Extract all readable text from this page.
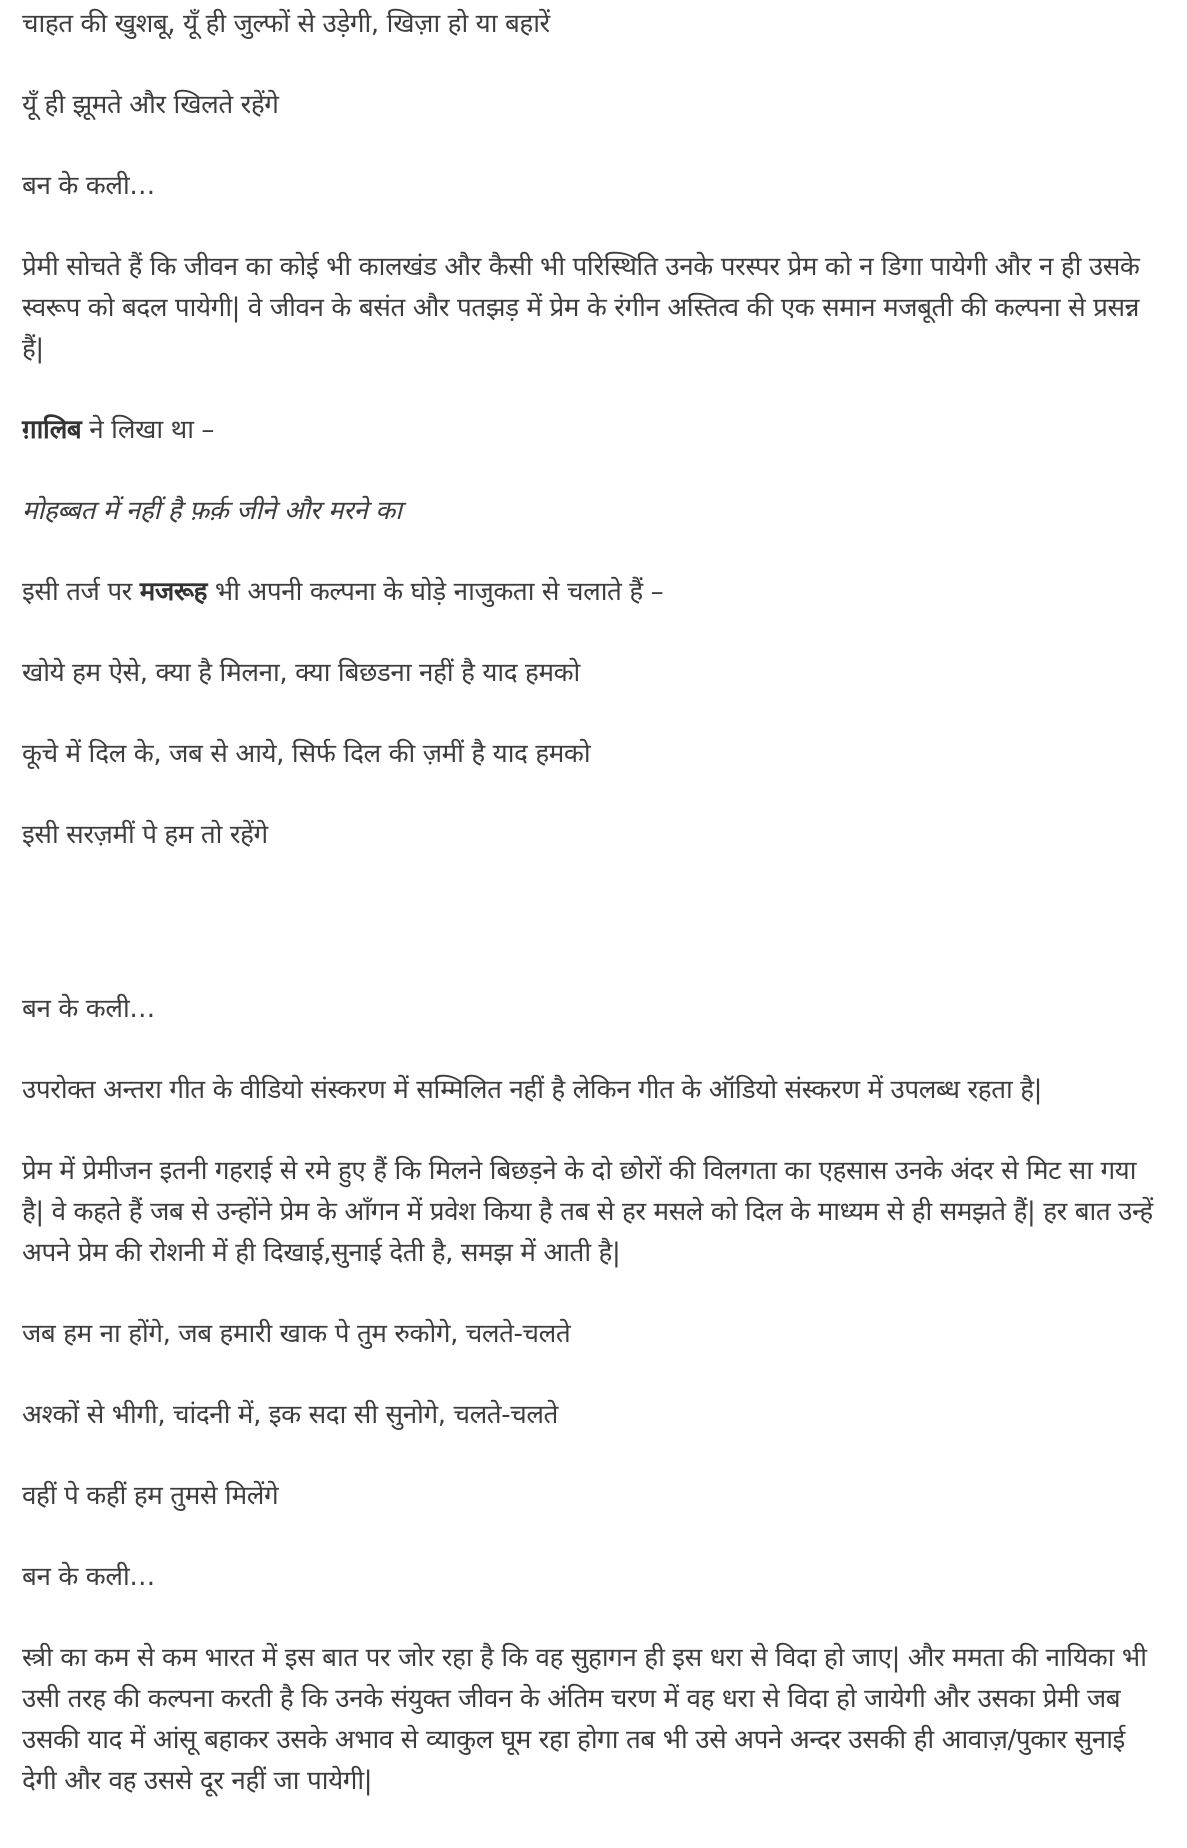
चाहत की खुशबू, यूँ ही जुल्फों से उड़ेगी, खिज़ा हो या बहारें

यूँ ही झूमते और खिलते रहेंगे

बन के कली…

प्रेमी सोचते हैं कि जीवन का कोई भी कालखंड और कैसी भी परिस्थिति उनके परस्पर प्रेम को न डिगा पायेगी और न ही उसके स्वरूप को बदल पायेगी| वे जीवन के बसंत और पतझड़ में प्रेम के रंगीन अस्तित्व की एक समान मजबूती की कल्पना से प्रसन्न हैं|

ग़ालिब ने लिखा था –

मोहब्बत में नहीं है फ़र्क़ जीने और मरने का

इसी तर्ज पर मजरूह भी अपनी कल्पना के घोड़े नाजुकता से चलाते हैं –

खोये हम ऐसे, क्या है मिलना, क्या बिछडना नहीं है याद हमको

कूचे में दिल के, जब से आये, सिर्फ दिल की ज़मीं है याद हमको

इसी सरज़मीं पे हम तो रहेंगे

बन के कली…

उपरोक्त अन्तरा गीत के वीडियो संस्करण में सम्मिलित नहीं है लेकिन गीत के ऑडियो संस्करण में उपलब्ध रहता है|

प्रेम में प्रेमीजन इतनी गहराई से रमे हुए हैं कि मिलने बिछड़ने के दो छोरों की विलगता का एहसास उनके अंदर से मिट सा गया है| वे कहते हैं जब से उन्होंने प्रेम के आँगन में प्रवेश किया है तब से हर मसले को दिल के माध्यम से ही समझते हैं| हर बात उन्हें अपने प्रेम की रोशनी में ही दिखाई,सुनाई देती है, समझ में आती है|

जब हम ना होंगे, जब हमारी खाक पे तुम रुकोगे, चलते-चलते

अश्कों से भीगी, चांदनी में, इक सदा सी सुनोगे, चलते-चलते

वहीं पे कहीं हम तुमसे मिलेंगे

बन के कली…

स्त्री का कम से कम भारत में इस बात पर जोर रहा है कि वह सुहागन ही इस धरा से विदा हो जाए| और ममता की नायिका भी उसी तरह की कल्पना करती है कि उनके संयुक्त जीवन के अंतिम चरण में वह धरा से विदा हो जायेगी और उसका प्रेमी जब उसकी याद में आंसू बहाकर उसके अभाव से व्याकुल घूम रहा होगा तब भी उसे अपने अन्दर उसकी ही आवाज़/पुकार सुनाई देगी और वह उससे दूर नहीं जा पायेगी|
